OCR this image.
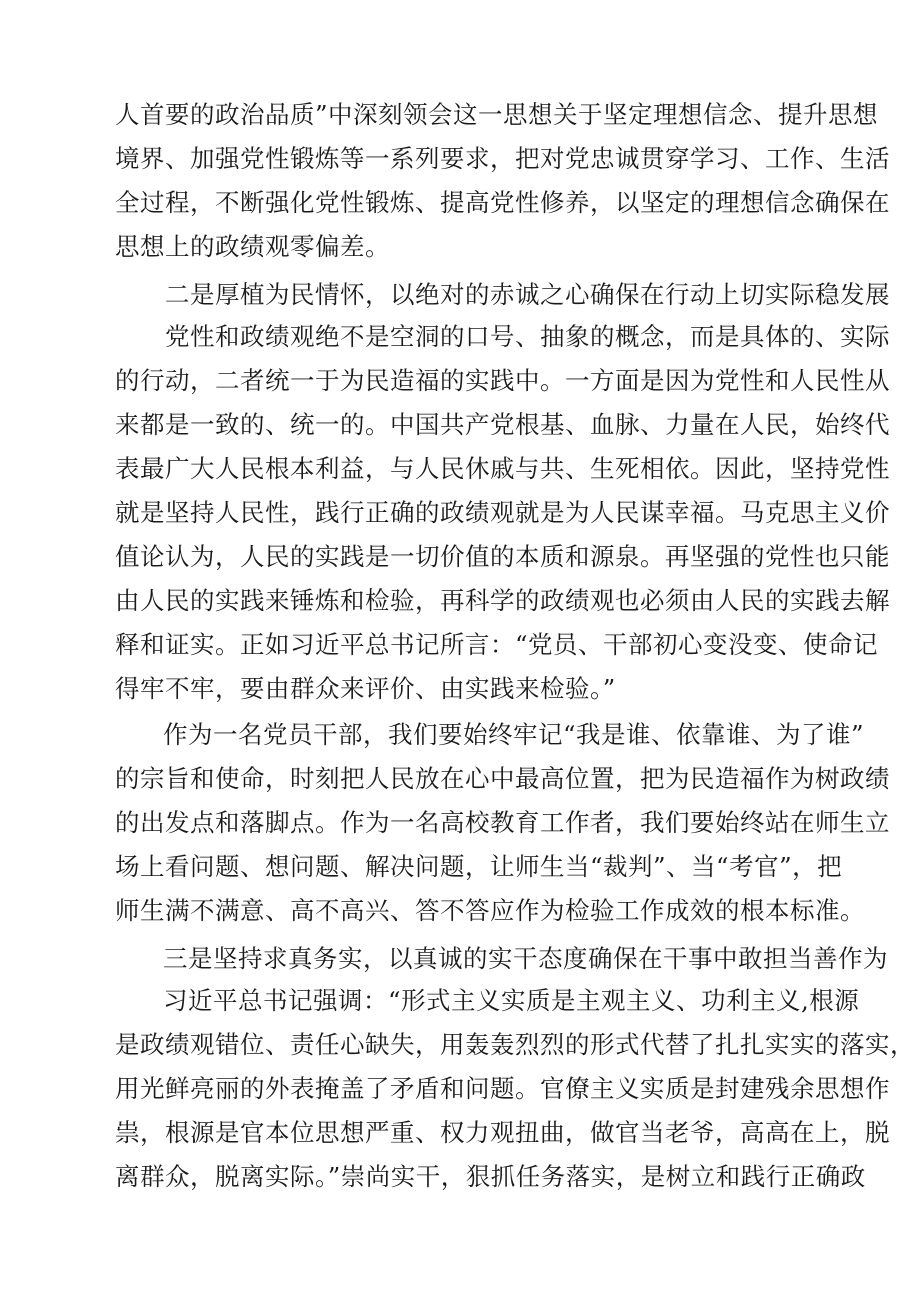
人首要的政治品质”中深刻领会这一思想关于坚定理想信念、提升思想
境界、加强党性锻炼等一系列要求，把对党忠诚贯穿学习、工作、生活
全过程，不断强化党性锻炼、提高党性修养，以坚定的理想信念确保在
思想上的政绩观零偏差。
二是厚植为民情怀，以绝对的赤诚之心确保在行动上切实际稳发展
党性和政绩观绝不是空洞的口号、抽象的概念，而是具体的、实际
的行动，二者统一于为民造福的实践中。一方面是因为党性和人民性从
来都是一致的、统一的。中国共产党根基、血脉、力量在人民，始终代
表最广大人民根本利益，与人民休戚与共、生死相依。因此，坚持党性
就是坚持人民性，践行正确的政绩观就是为人民谋幸福。马克思主义价
值论认为，人民的实践是一切价值的本质和源泉。再坚强的党性也只能
由人民的实践来锤炼和检验，再科学的政绩观也必须由人民的实践去解
释和证实。正如习近平总书记所言：“党员、干部初心变没变、使命记
得牢不牢，要由群众来评价、由实践来检验。”
作为一名党员干部，我们要始终牢记“我是谁、依靠谁、为了谁”
的宗旨和使命，时刻把人民放在心中最高位置，把为民造福作为树政绩
的出发点和落脚点。作为一名高校教育工作者，我们要始终站在师生立
场上看问题、想问题、解决问题，让师生当“裁判”、当“考官”，把
师生满不满意、高不高兴、答不答应作为检验工作成效的根本标准。
三是坚持求真务实，以真诚的实干态度确保在干事中敢担当善作为
习近平总书记强调：“形式主义实质是主观主义、功利主义,根源
是政绩观错位、责任心缺失，用轰轰烈烈的形式代替了扎扎实实的落实，
用光鲜亮丽的外表掩盖了矛盾和问题。官僚主义实质是封建残余思想作
祟，根源是官本位思想严重、权力观扭曲，做官当老爷，高高在上，脱
离群众，脱离实际。”崇尚实干，狠抓任务落实，是树立和践行正确政
